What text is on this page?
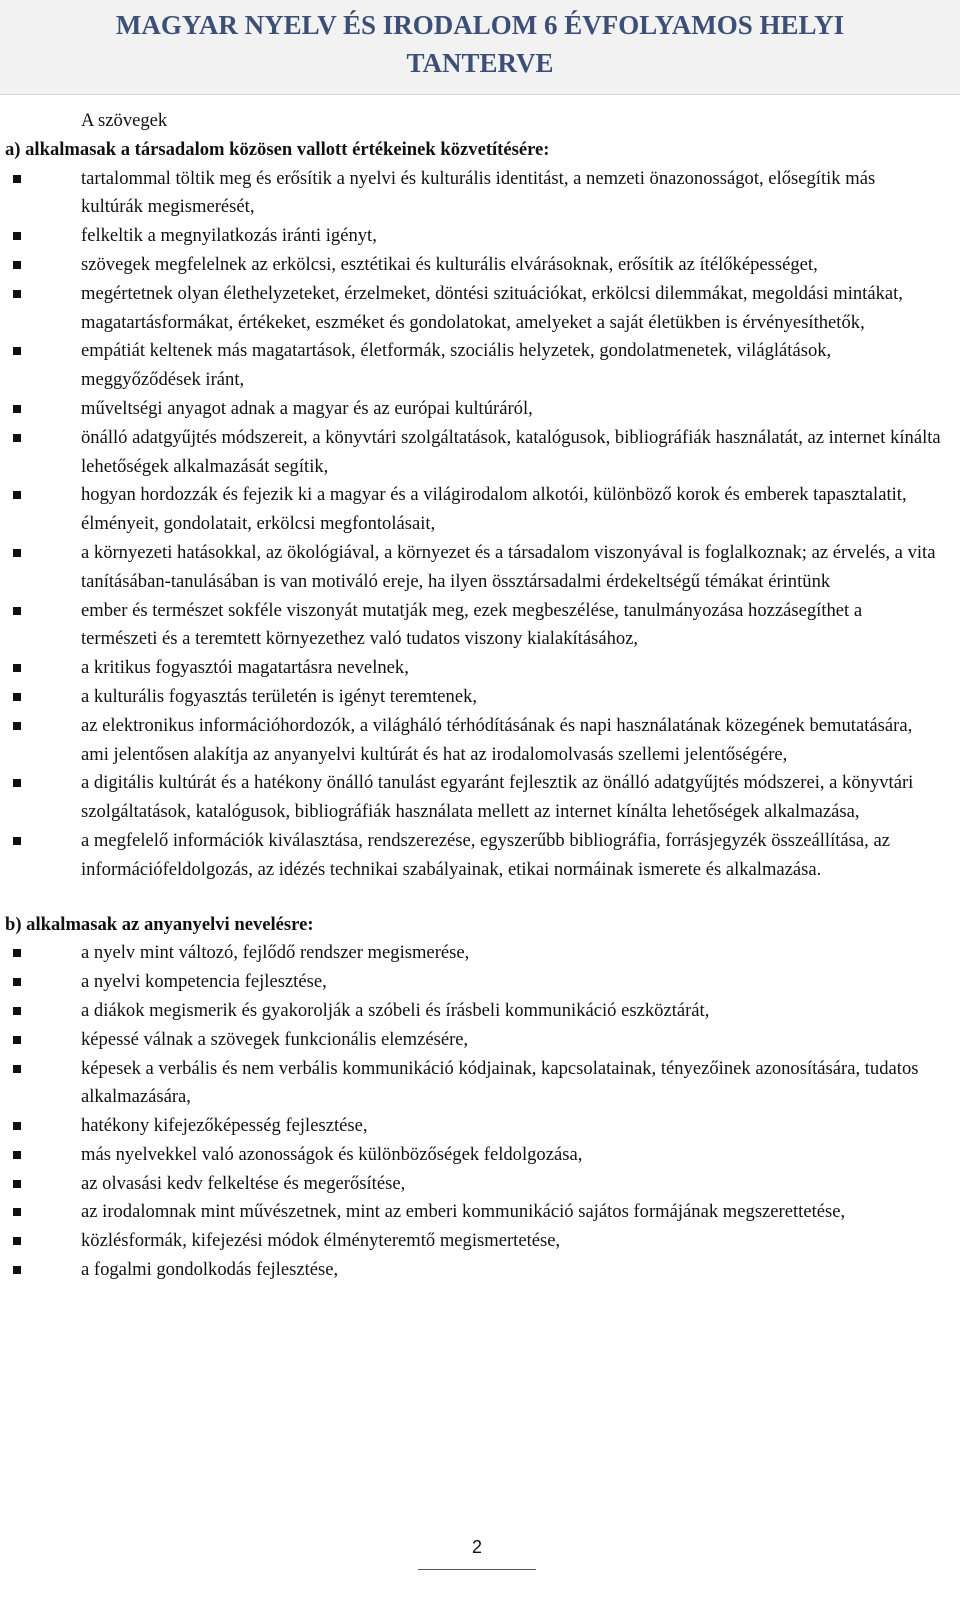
MAGYAR NYELV ÉS IRODALOM 6 ÉVFOLYAMOS HELYI TANTERVE

A szövegek

a) alkalmasak a társadalom közösen vallott értékeinek közvetítésére:

tartalommal töltik meg és erősítik a nyelvi és kulturális identitást, a nemzeti önazonosságot, elősegítik más kultúrák megismerését,
felkeltik a megnyilatkozás iránti igényt,
szövegek megfelelnek az erkölcsi, esztétikai és kulturális elvárásoknak, erősítik az ítélőképességet,
megértetnek olyan élethelyzeteket, érzelmeket, döntési szituációkat, erkölcsi dilemmákat, megoldási mintákat, magatartásformákat, értékeket, eszméket és gondolatokat, amelyeket a saját életükben is érvényesíthetők,
empátiát keltenek más magatartások, életformák, szociális helyzetek, gondolatmenetek, világlátások, meggyőződések iránt,
műveltségi anyagot adnak a magyar és az európai kultúráról,
önálló adatgyűjtés módszereit, a könyvtári szolgáltatások, katalógusok, bibliográfiák használatát, az internet kínálta lehetőségek alkalmazását segítik,
hogyan hordozzák és fejezik ki a magyar és a világirodalom alkotói, különböző korok és emberek tapasztalatit, élményeit, gondolatait, erkölcsi megfontolásait,
a környezeti hatásokkal, az ökológiával, a környezet és a társadalom viszonyával is foglalkoznak; az érvelés, a vita tanításában-tanulásában is van motiváló ereje, ha ilyen össztársadalmi érdekeltségű témákat érintünk
ember és természet sokféle viszonyát mutatják meg, ezek megbeszélése, tanulmányozása hozzásegíthet a természeti és a teremtett környezethez való tudatos viszony kialakításához,
a kritikus fogyasztói magatartásra nevelnek,
a kulturális fogyasztás területén is igényt teremtenek,
az elektronikus információhordozók, a világháló térhódításának és napi használatának közegének bemutatására, ami jelentősen alakítja az anyanyelvi kultúrát és hat az irodalomolvasás szellemi jelentőségére,
a digitális kultúrát és a hatékony önálló tanulást egyaránt fejlesztik az önálló adatgyűjtés módszerei, a könyvtári szolgáltatások, katalógusok, bibliográfiák használata mellett az internet kínálta lehetőségek alkalmazása,
a megfelelő információk kiválasztása, rendszerezése, egyszerűbb bibliográfia, forrásjegyzék összeállítása, az információfeldolgozás, az idézés technikai szabályainak, etikai normáinak ismerete és alkalmazása.

b) alkalmasak az anyanyelvi nevelésre:

a nyelv mint változó, fejlődő rendszer megismerése,
a nyelvi kompetencia fejlesztése,
a diákok megismerik és gyakorolják a szóbeli és írásbeli kommunikáció eszköztárát,
képessé válnak a szövegek funkcionális elemzésére,
képesek a verbális és nem verbális kommunikáció kódjainak, kapcsolatainak, tényezőinek azonosítására, tudatos alkalmazására,
hatékony kifejezőképesség fejlesztése,
más nyelvekkel való azonosságok és különbözőségek feldolgozása,
az olvasási kedv felkeltése és megerősítése,
az irodalomnak mint művészetnek, mint az emberi kommunikáció sajátos formájának megszerettetése,
közlésformák, kifejezési módok élményteremtő megismertetése,
a fogalmi gondolkodás fejlesztése,
2
